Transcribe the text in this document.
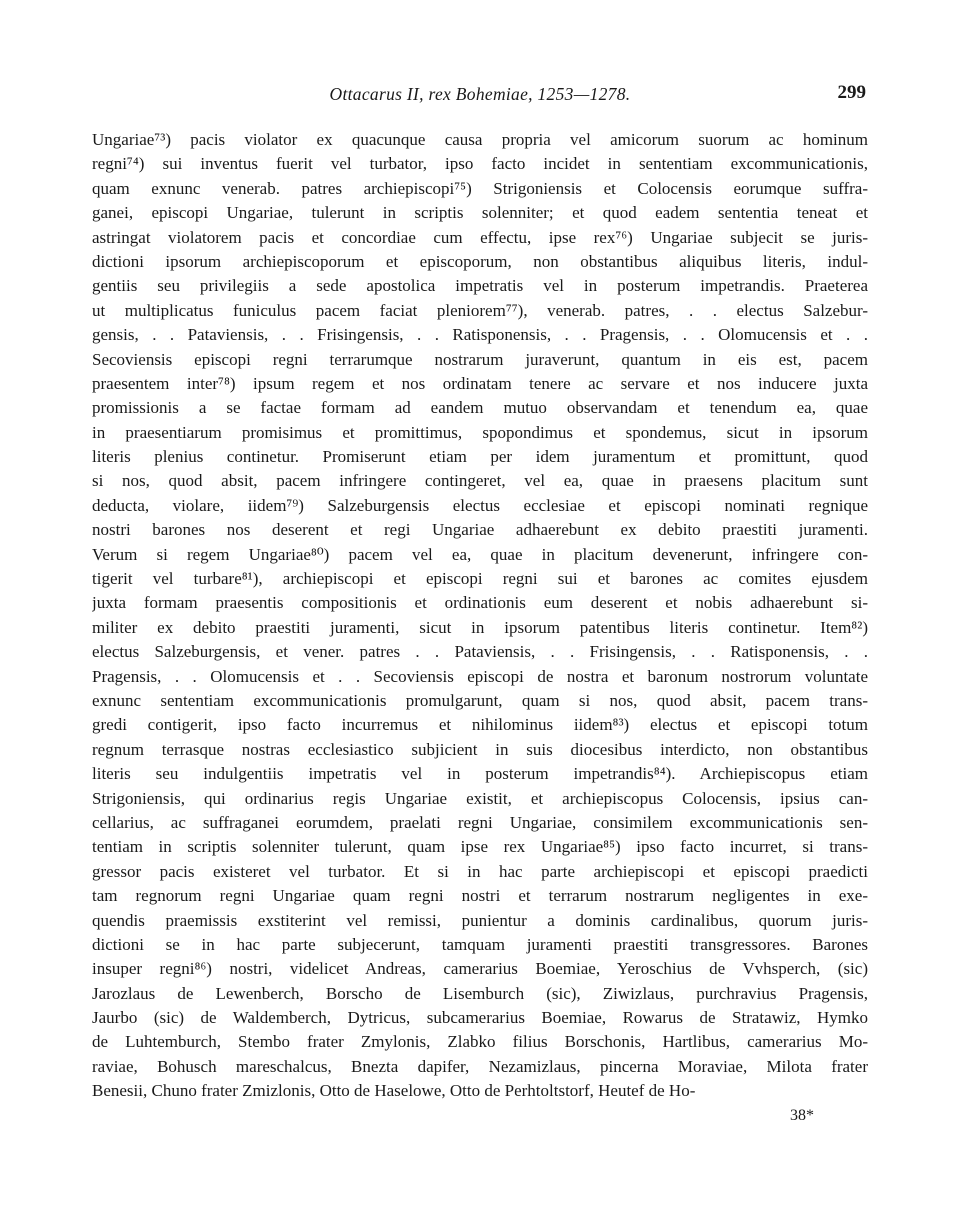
Ottacarus II, rex Bohemiae, 1253—1278.	299
Ungariae⁷³) pacis violator ex quacunque causa propria vel amicorum suorum ac hominum
regni⁷⁴) sui inventus fuerit vel turbator, ipso facto incidet in sententiam excommunicationis,
quam exnunc venerab. patres archiepiscopi⁷⁵) Strigoniensis et Colocensis eorumque suffra-
ganei, episcopi Ungariae, tulerunt in scriptis solenniter; et quod eadem sententia teneat et
astringat violatorem pacis et concordiae cum effectu, ipse rex⁷⁶) Ungariae subjecit se juris-
dictioni ipsorum archiepiscoporum et episcoporum, non obstantibus aliquibus literis, indul-
gentiis seu privilegiis a sede apostolica impetratis vel in posterum impetrandis. Praeterea
ut multiplicatus funiculus pacem faciat pleniorem⁷⁷), venerab. patres, . . electus Salzebur-
gensis, . . Pataviensis, . . Frisingensis, . . Ratisponensis, . . Pragensis, . . Olomucensis et . .
Secoviensis episcopi regni terrarumque nostrarum juraverunt, quantum in eis est, pacem
praesentem inter⁷⁸) ipsum regem et nos ordinatam tenere ac servare et nos inducere juxta
promissionis a se factae formam ad eandem mutuo observandam et tenendum ea, quae
in praesentiarum promisimus et promittimus, spopondimus et spondemus, sicut in ipsorum
literis plenius continetur. Promiserunt etiam per idem juramentum et promittunt, quod
si nos, quod absit, pacem infringere contingeret, vel ea, quae in praesens placitum sunt
deducta, violare, iidem⁷⁹) Salzeburgensis electus ecclesiae et episcopi nominati regnique
nostri barones nos deserent et regi Ungariae adhaerebunt ex debito praestiti juramenti.
Verum si regem Ungariae⁸⁰) pacem vel ea, quae in placitum devenerunt, infringere con-
tigerit vel turbare⁸¹), archiepiscopi et episcopi regni sui et barones ac comites ejusdem
juxta formam praesentis compositionis et ordinationis eum deserent et nobis adhaerebunt si-
militer ex debito praestiti juramenti, sicut in ipsorum patentibus literis continetur. Item⁸²)
electus Salzeburgensis, et vener. patres . . Pataviensis, . . Frisingensis, . . Ratisponensis, . .
Pragensis, . . Olomucensis et . . Secoviensis episcopi de nostra et baronum nostrorum voluntate
exnunc sententiam excommunicationis promulgarunt, quam si nos, quod absit, pacem trans-
gredi contigerit, ipso facto incurremus et nihilominus iidem⁸³) electus et episcopi totum
regnum terrasque nostras ecclesiastico subjicient in suis diocesibus interdicto, non obstantibus
literis seu indulgentiis impetratis vel in posterum impetrandis⁸⁴). Archiepiscopus etiam
Strigoniensis, qui ordinarius regis Ungariae existit, et archiepiscopus Colocensis, ipsius can-
cellarius, ac suffraganei eorumdem, praelati regni Ungariae, consimilem excommunicationis sen-
tentiam in scriptis solenniter tulerunt, quam ipse rex Ungariae⁸⁵) ipso facto incurret, si trans-
gressor pacis existeret vel turbator. Et si in hac parte archiepiscopi et episcopi praedicti
tam regnorum regni Ungariae quam regni nostri et terrarum nostrarum negligentes in exe-
quendis praemissis exstiterint vel remissi, punientur a dominis cardinalibus, quorum juris-
dictioni se in hac parte subjecerunt, tamquam juramenti praestiti transgressores. Barones
insuper regni⁸⁶) nostri, videlicet Andreas, camerarius Boemiae, Yeroschius de Vvhsperch, (sic)
Jarozlaus de Lewenberch, Borscho de Lisemburch (sic), Ziwizlaus, purchravius Pragensis,
Jaurbo (sic) de Waldemberch, Dytricus, subcamerarius Boemiae, Rowarus de Stratawiz, Hymko
de Luhtemburch, Stembo frater Zmylonis, Zlabko filius Borschonis, Hartlibus, camerarius Mo-
raviae, Bohusch mareschalcus, Bnezta dapifer, Nezamizlaus, pincerna Moraviae, Milota frater
Benesii, Chuno frater Zmizlonis, Otto de Haselowe, Otto de Perhtoltstorf, Heutef de Ho-
38*
